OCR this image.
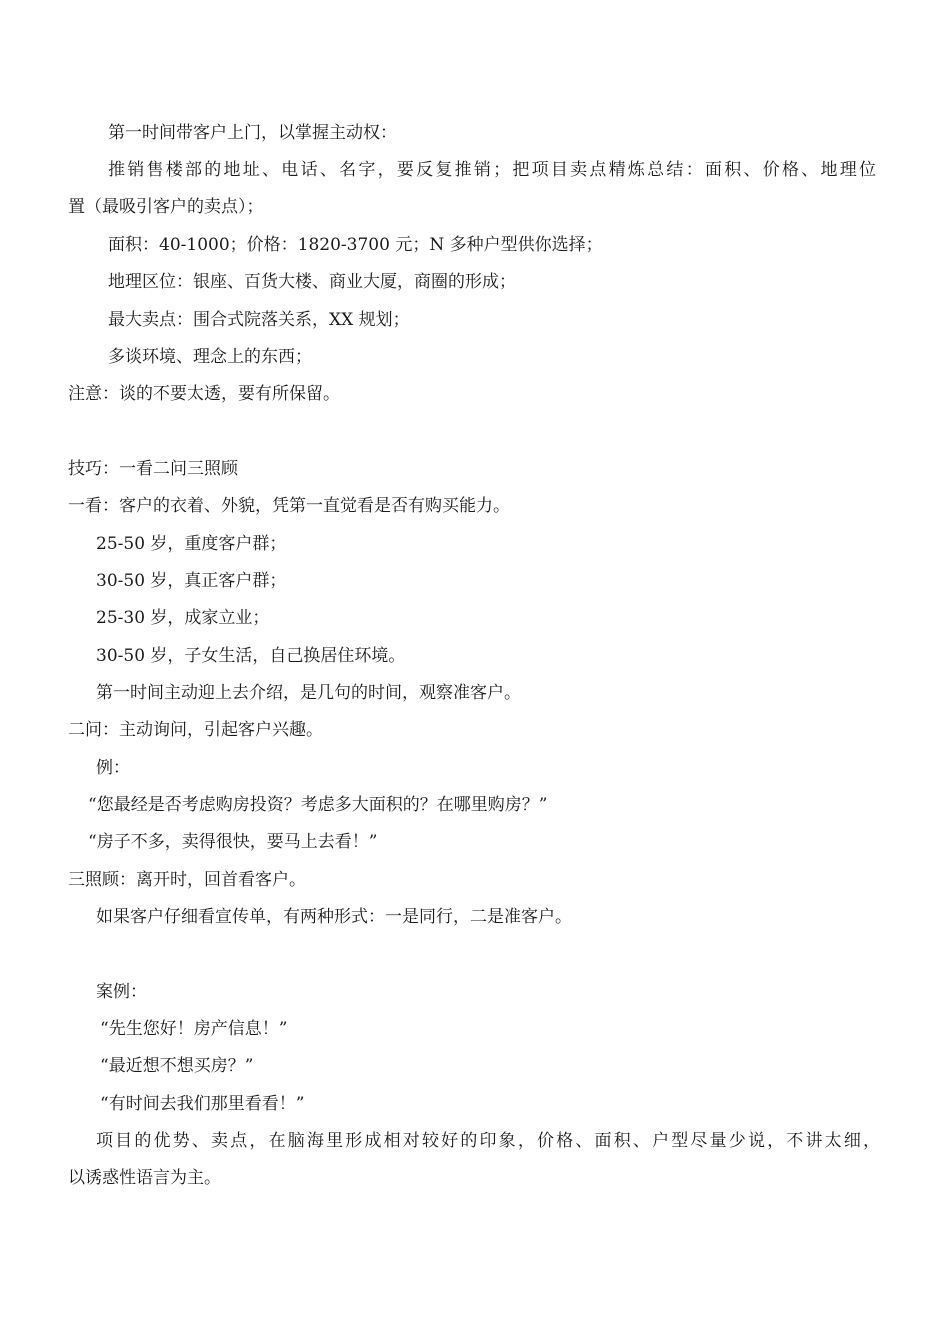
第一时间带客户上门，以掌握主动权：
推销售楼部的地址、电话、名字，要反复推销；把项目卖点精炼总结：面积、价格、地理位
置（最吸引客户的卖点）；
面积：40-1000；价格：1820-3700 元；N 多种户型供你选择；
地理区位：银座、百货大楼、商业大厦，商圈的形成；
最大卖点：围合式院落关系，XX 规划；
多谈环境、理念上的东西；
注意：谈的不要太透，要有所保留。
技巧：一看二问三照顾
一看：客户的衣着、外貌，凭第一直觉看是否有购买能力。
25-50 岁，重度客户群；
30-50 岁，真正客户群；
25-30 岁，成家立业；
30-50 岁，子女生活，自己换居住环境。
第一时间主动迎上去介绍，是几句的时间，观察准客户。
二问：主动询问，引起客户兴趣。
例：
“您最经是否考虑购房投资？考虑多大面积的？在哪里购房？”
“房子不多，卖得很快，要马上去看！”
三照顾：离开时，回首看客户。
如果客户仔细看宣传单，有两种形式：一是同行，二是准客户。
案例：
“先生您好！房产信息！”
“最近想不想买房？”
“有时间去我们那里看看！”
项目的优势、卖点，在脑海里形成相对较好的印象，价格、面积、户型尽量少说，不讲太细，
以诱惑性语言为主。
